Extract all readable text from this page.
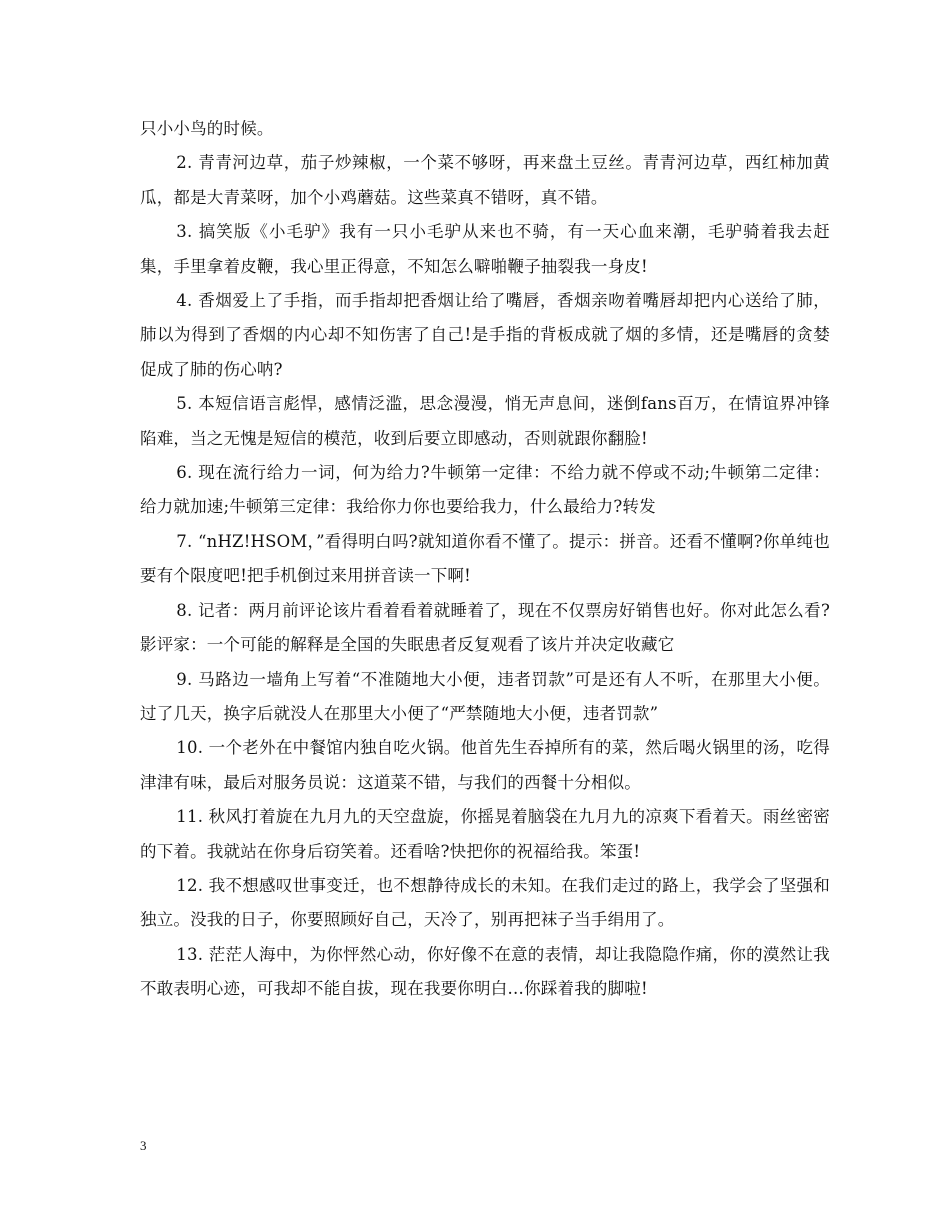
只小小鸟的时候。

2. 青青河边草，茄子炒辣椒，一个菜不够呀，再来盘土豆丝。青青河边草，西红柿加黄瓜，都是大青菜呀，加个小鸡蘑菇。这些菜真不错呀，真不错。

3. 搞笑版《小毛驴》我有一只小毛驴从来也不骑，有一天心血来潮，毛驴骑着我去赶集，手里拿着皮鞭，我心里正得意，不知怎么噼啪鞭子抽裂我一身皮!

4. 香烟爱上了手指，而手指却把香烟让给了嘴唇，香烟亲吻着嘴唇却把内心送给了肺，肺以为得到了香烟的内心却不知伤害了自己!是手指的背板成就了烟的多情，还是嘴唇的贪婪促成了肺的伤心呐?

5. 本短信语言彪悍，感情泛滥，思念漫漫，悄无声息间，迷倒fans百万，在情谊界冲锋陷难，当之无愧是短信的模范，收到后要立即感动，否则就跟你翻脸!

6. 现在流行给力一词，何为给力?牛顿第一定律：不给力就不停或不动;牛顿第二定律：给力就加速;牛顿第三定律：我给你力你也要给我力，什么最给力?转发

7. “nHZ!HSOM，”看得明白吗?就知道你看不懂了。提示：拼音。还看不懂啊?你单纯也要有个限度吧!把手机倒过来用拼音读一下啊!

8. 记者：两月前评论该片看着看着就睡着了，现在不仅票房好销售也好。你对此怎么看?影评家：一个可能的解释是全国的失眠患者反复观看了该片并决定收藏它

9. 马路边一墙角上写着“不准随地大小便，违者罚款”可是还有人不听，在那里大小便。过了几天，换字后就没人在那里大小便了“严禁随地大小便，违者罚款”

10. 一个老外在中餐馆内独自吃火锅。他首先生吞掉所有的菜，然后喝火锅里的汤，吃得津津有味，最后对服务员说：这道菜不错，与我们的西餐十分相似。

11. 秋风打着旋在九月九的天空盘旋，你摇晃着脑袋在九月九的凉爽下看着天。雨丝密密的下着。我就站在你身后窃笑着。还看啥?快把你的祝福给我。笨蛋!

12. 我不想感叹世事变迁，也不想静待成长的未知。在我们走过的路上，我学会了坚强和独立。没我的日子，你要照顾好自己，天冷了，别再把袜子当手绢用了。

13. 茫茫人海中，为你怦然心动，你好像不在意的表情，却让我隐隐作痛，你的漠然让我不敢表明心迹，可我却不能自拔，现在我要你明白…你踩着我的脚啦!

3
